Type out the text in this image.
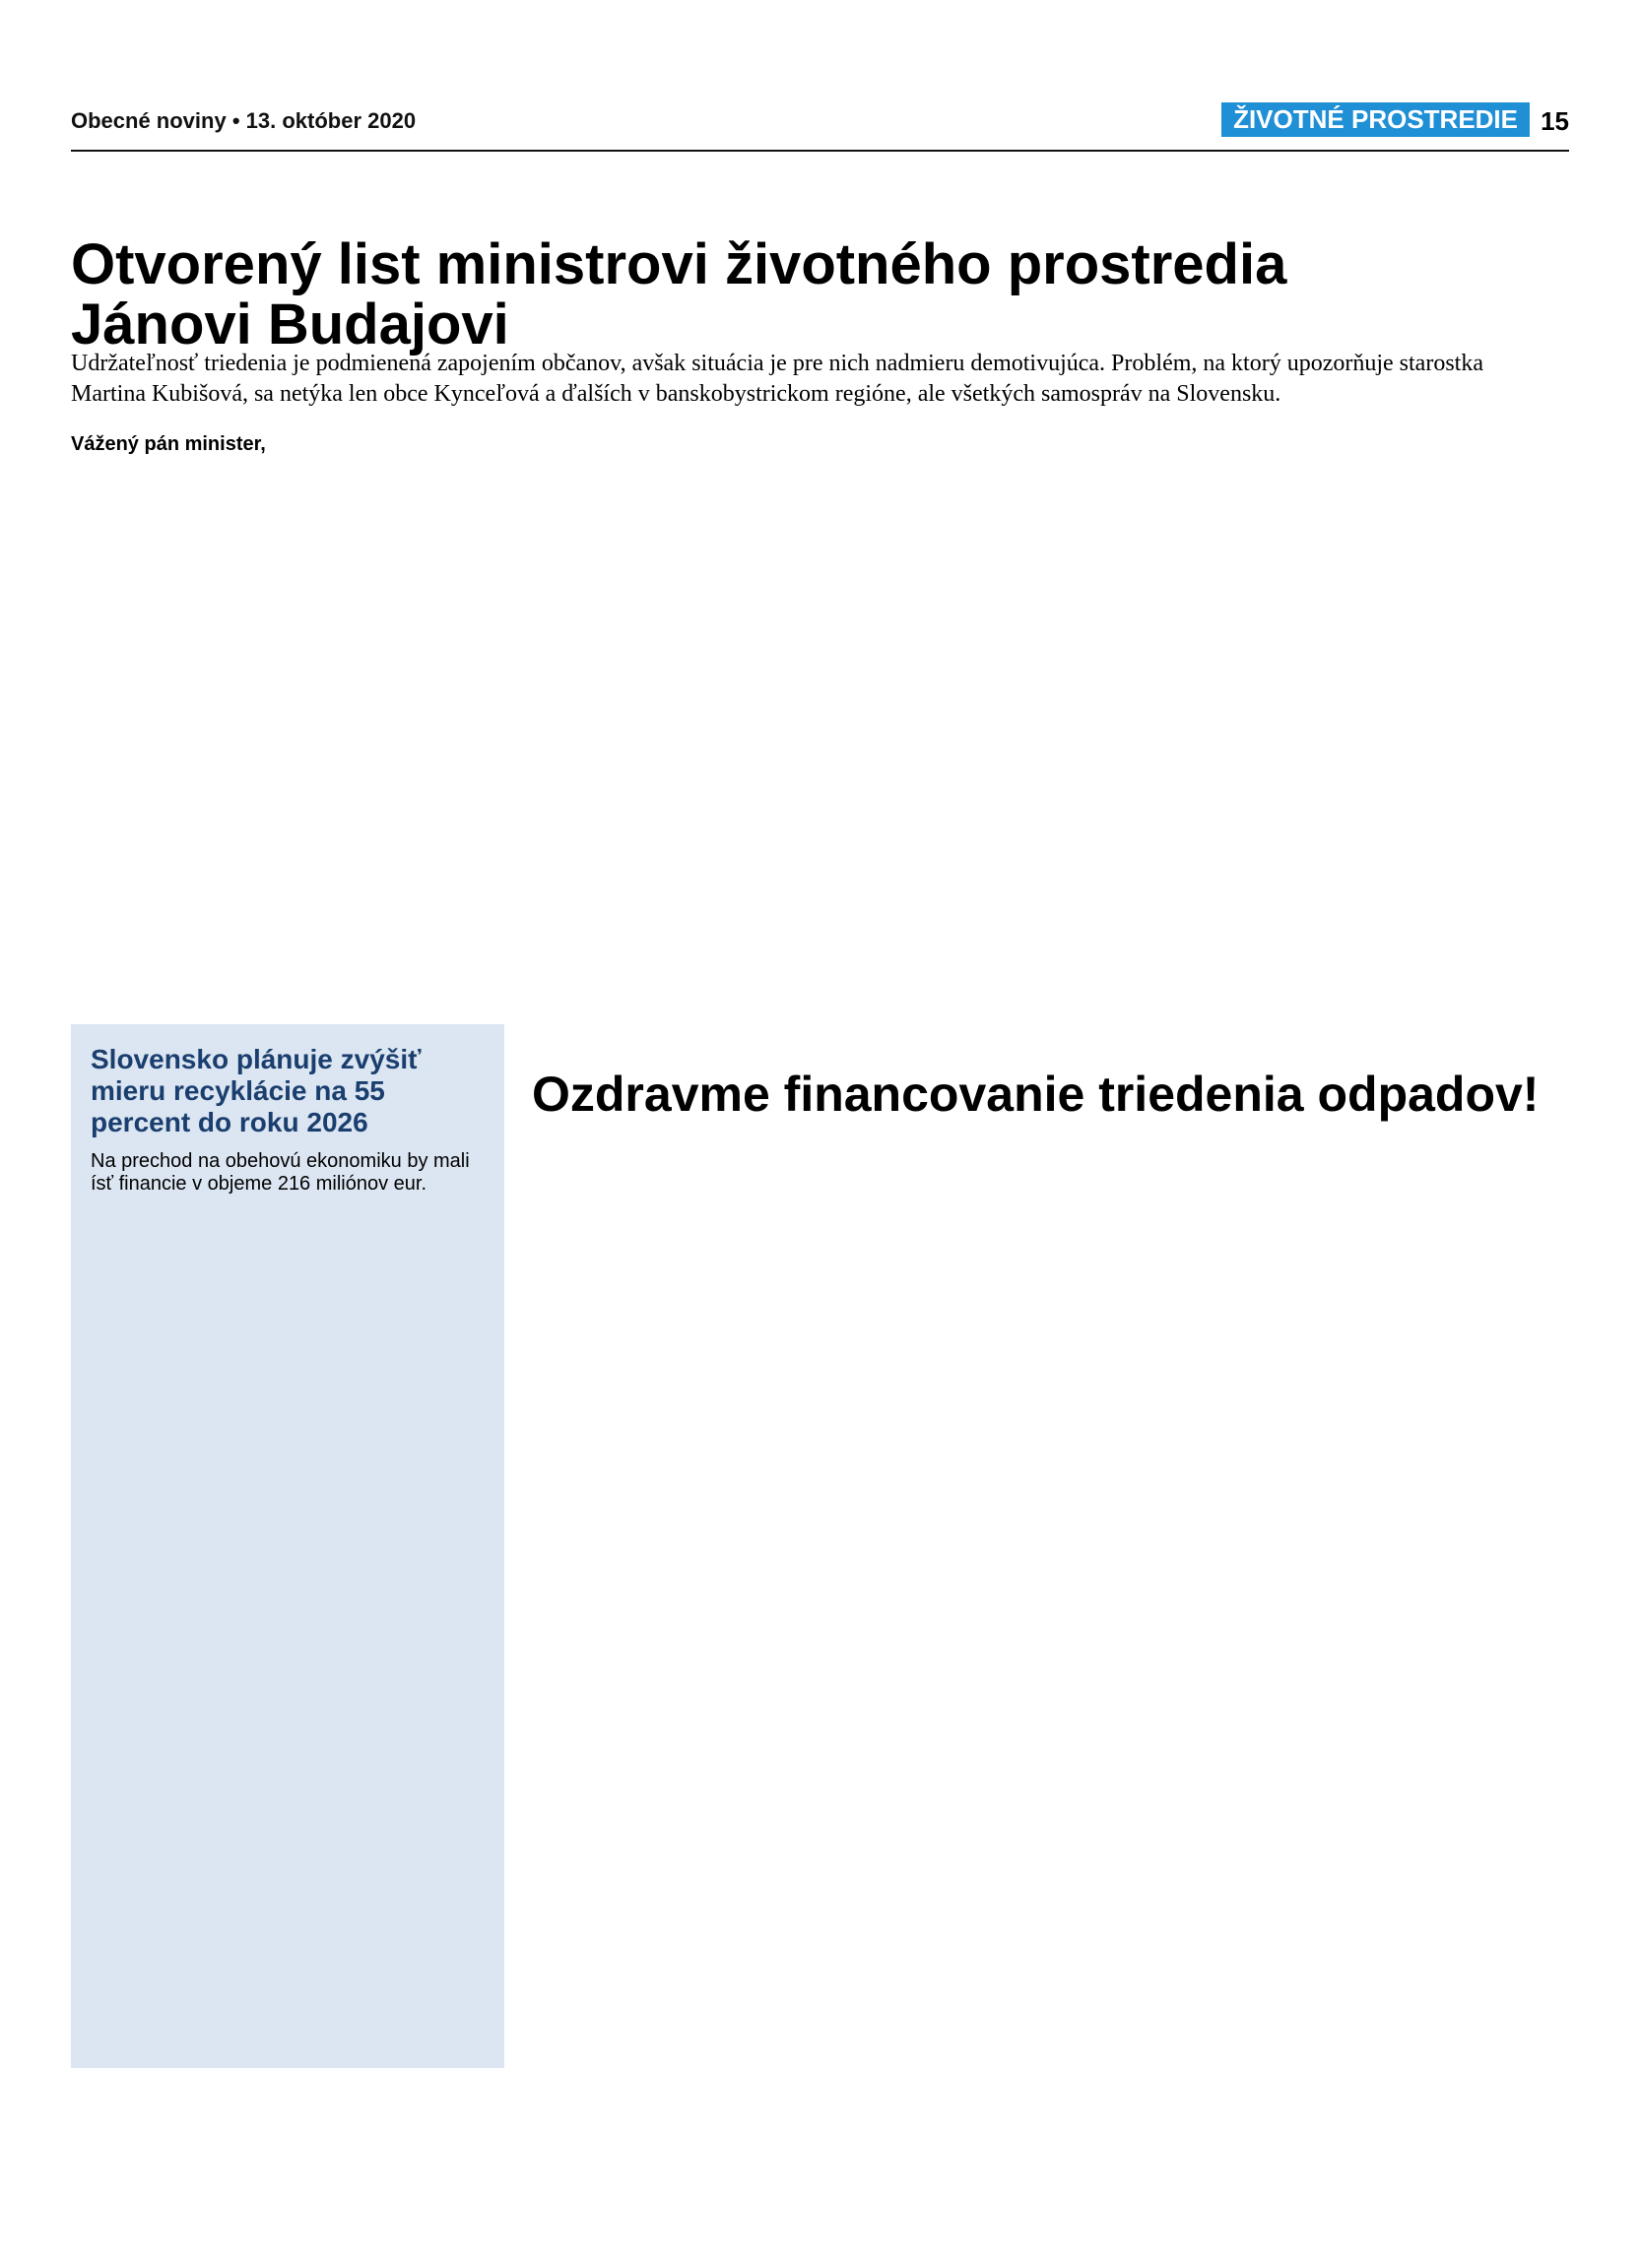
Obecné noviny • 13. október 2020	ŽIVOTNÉ PROSTREDIE 15
Otvorený list ministrovi životného prostredia Jánovi Budajovi

Udržateľnosť triedenia je podmienená zapojením občanov, avšak situácia je pre nich nadmieru demotivujúca. Problém, na ktorý upozorňuje starostka Martina Kubišová, sa netýka len obce Kynceľová a ďalších v banskobystrickom regióne, ale všetkých samospráv na Slovensku.

Vážený pán minister,
Slovensko plánuje zvýšiť mieru recyklácie na 55 percent do roku 2026
Na prechod na obehovú ekonomiku by mali ísť financie v objeme 216 miliónov eur.
Ozdravme financovanie triedenia odpadov!
